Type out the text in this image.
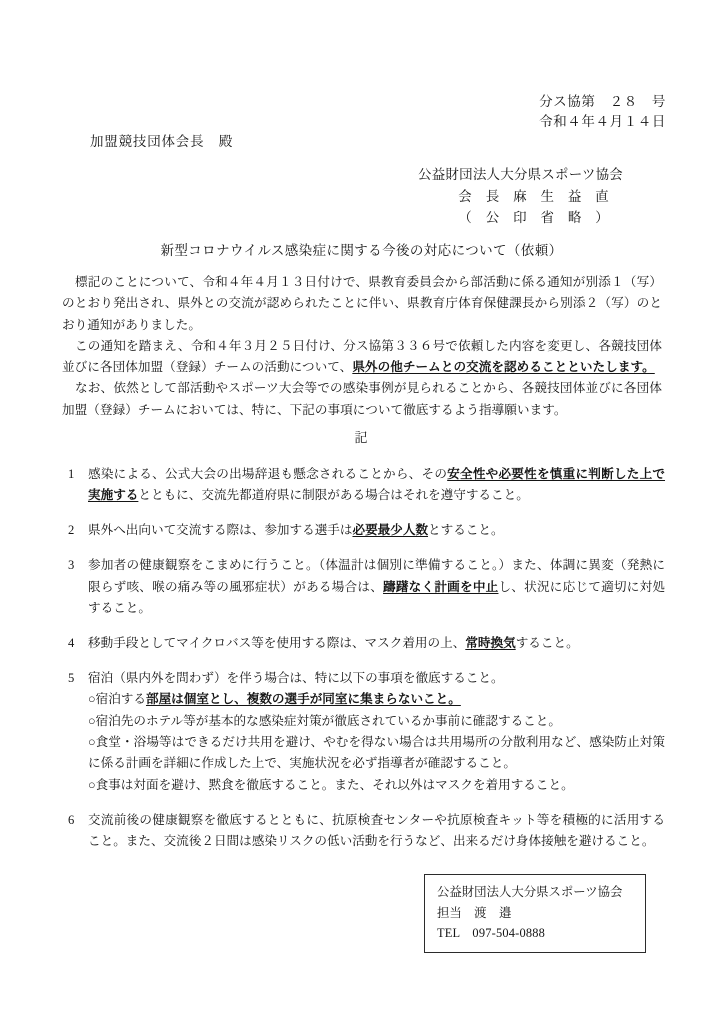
分ス協第　２８　号
令和４年４月１４日
加盟競技団体会長　殿
公益財団法人大分県スポーツ協会
会　長　麻　生　益　直
（　公　印　省　略　）
新型コロナウイルス感染症に関する今後の対応について（依頼）

標記のことについて、令和４年４月１３日付けで、県教育委員会から部活動に係る通知が別添１（写）のとおり発出され、県外との交流が認められたことに伴い、県教育庁体育保健課長から別添２（写）のとおり通知がありました。

この通知を踏まえ、令和４年３月２５日付け、分ス協第３３６号で依頼した内容を変更し、各競技団体並びに各団体加盟（登録）チームの活動について、県外の他チームとの交流を認めることといたします。

なお、依然として部活動やスポーツ大会等での感染事例が見られることから、各競技団体並びに各団体加盟（登録）チームにおいては、特に、下記の事項について徹底するよう指導願います。

記
1	感染による、公式大会の出場辞退も懸念されることから、その安全性や必要性を慎重に判断した上で実施するとともに、交流先都道府県に制限がある場合はそれを遵守すること。
2	県外へ出向いて交流する際は、参加する選手は必要最少人数とすること。
3	参加者の健康観察をこまめに行うこと。（体温計は個別に準備すること。）また、体調に異変（発熱に限らず咳、喉の痛み等の風邪症状）がある場合は、躊躇なく計画を中止し、状況に応じて適切に対処すること。
4	移動手段としてマイクロバス等を使用する際は、マスク着用の上、常時換気すること。
5	宿泊（県内外を問わず）を伴う場合は、特に以下の事項を徹底すること。
○宿泊する部屋は個室とし、複数の選手が同室に集まらないこと。
○宿泊先のホテル等が基本的な感染症対策が徹底されているか事前に確認すること。
○食堂・浴場等はできるだけ共用を避け、やむを得ない場合は共用場所の分散利用など、感染防止対策に係る計画を詳細に作成した上で、実施状況を必ず指導者が確認すること。
○食事は対面を避け、黙食を徹底すること。また、それ以外はマスクを着用すること。
6	交流前後の健康観察を徹底するとともに、抗原検査センターや抗原検査キット等を積極的に活用すること。また、交流後２日間は感染リスクの低い活動を行うなど、出来るだけ身体接触を避けること。
公益財団法人大分県スポーツ協会
担当　渡　邉
TEL　097-504-0888
